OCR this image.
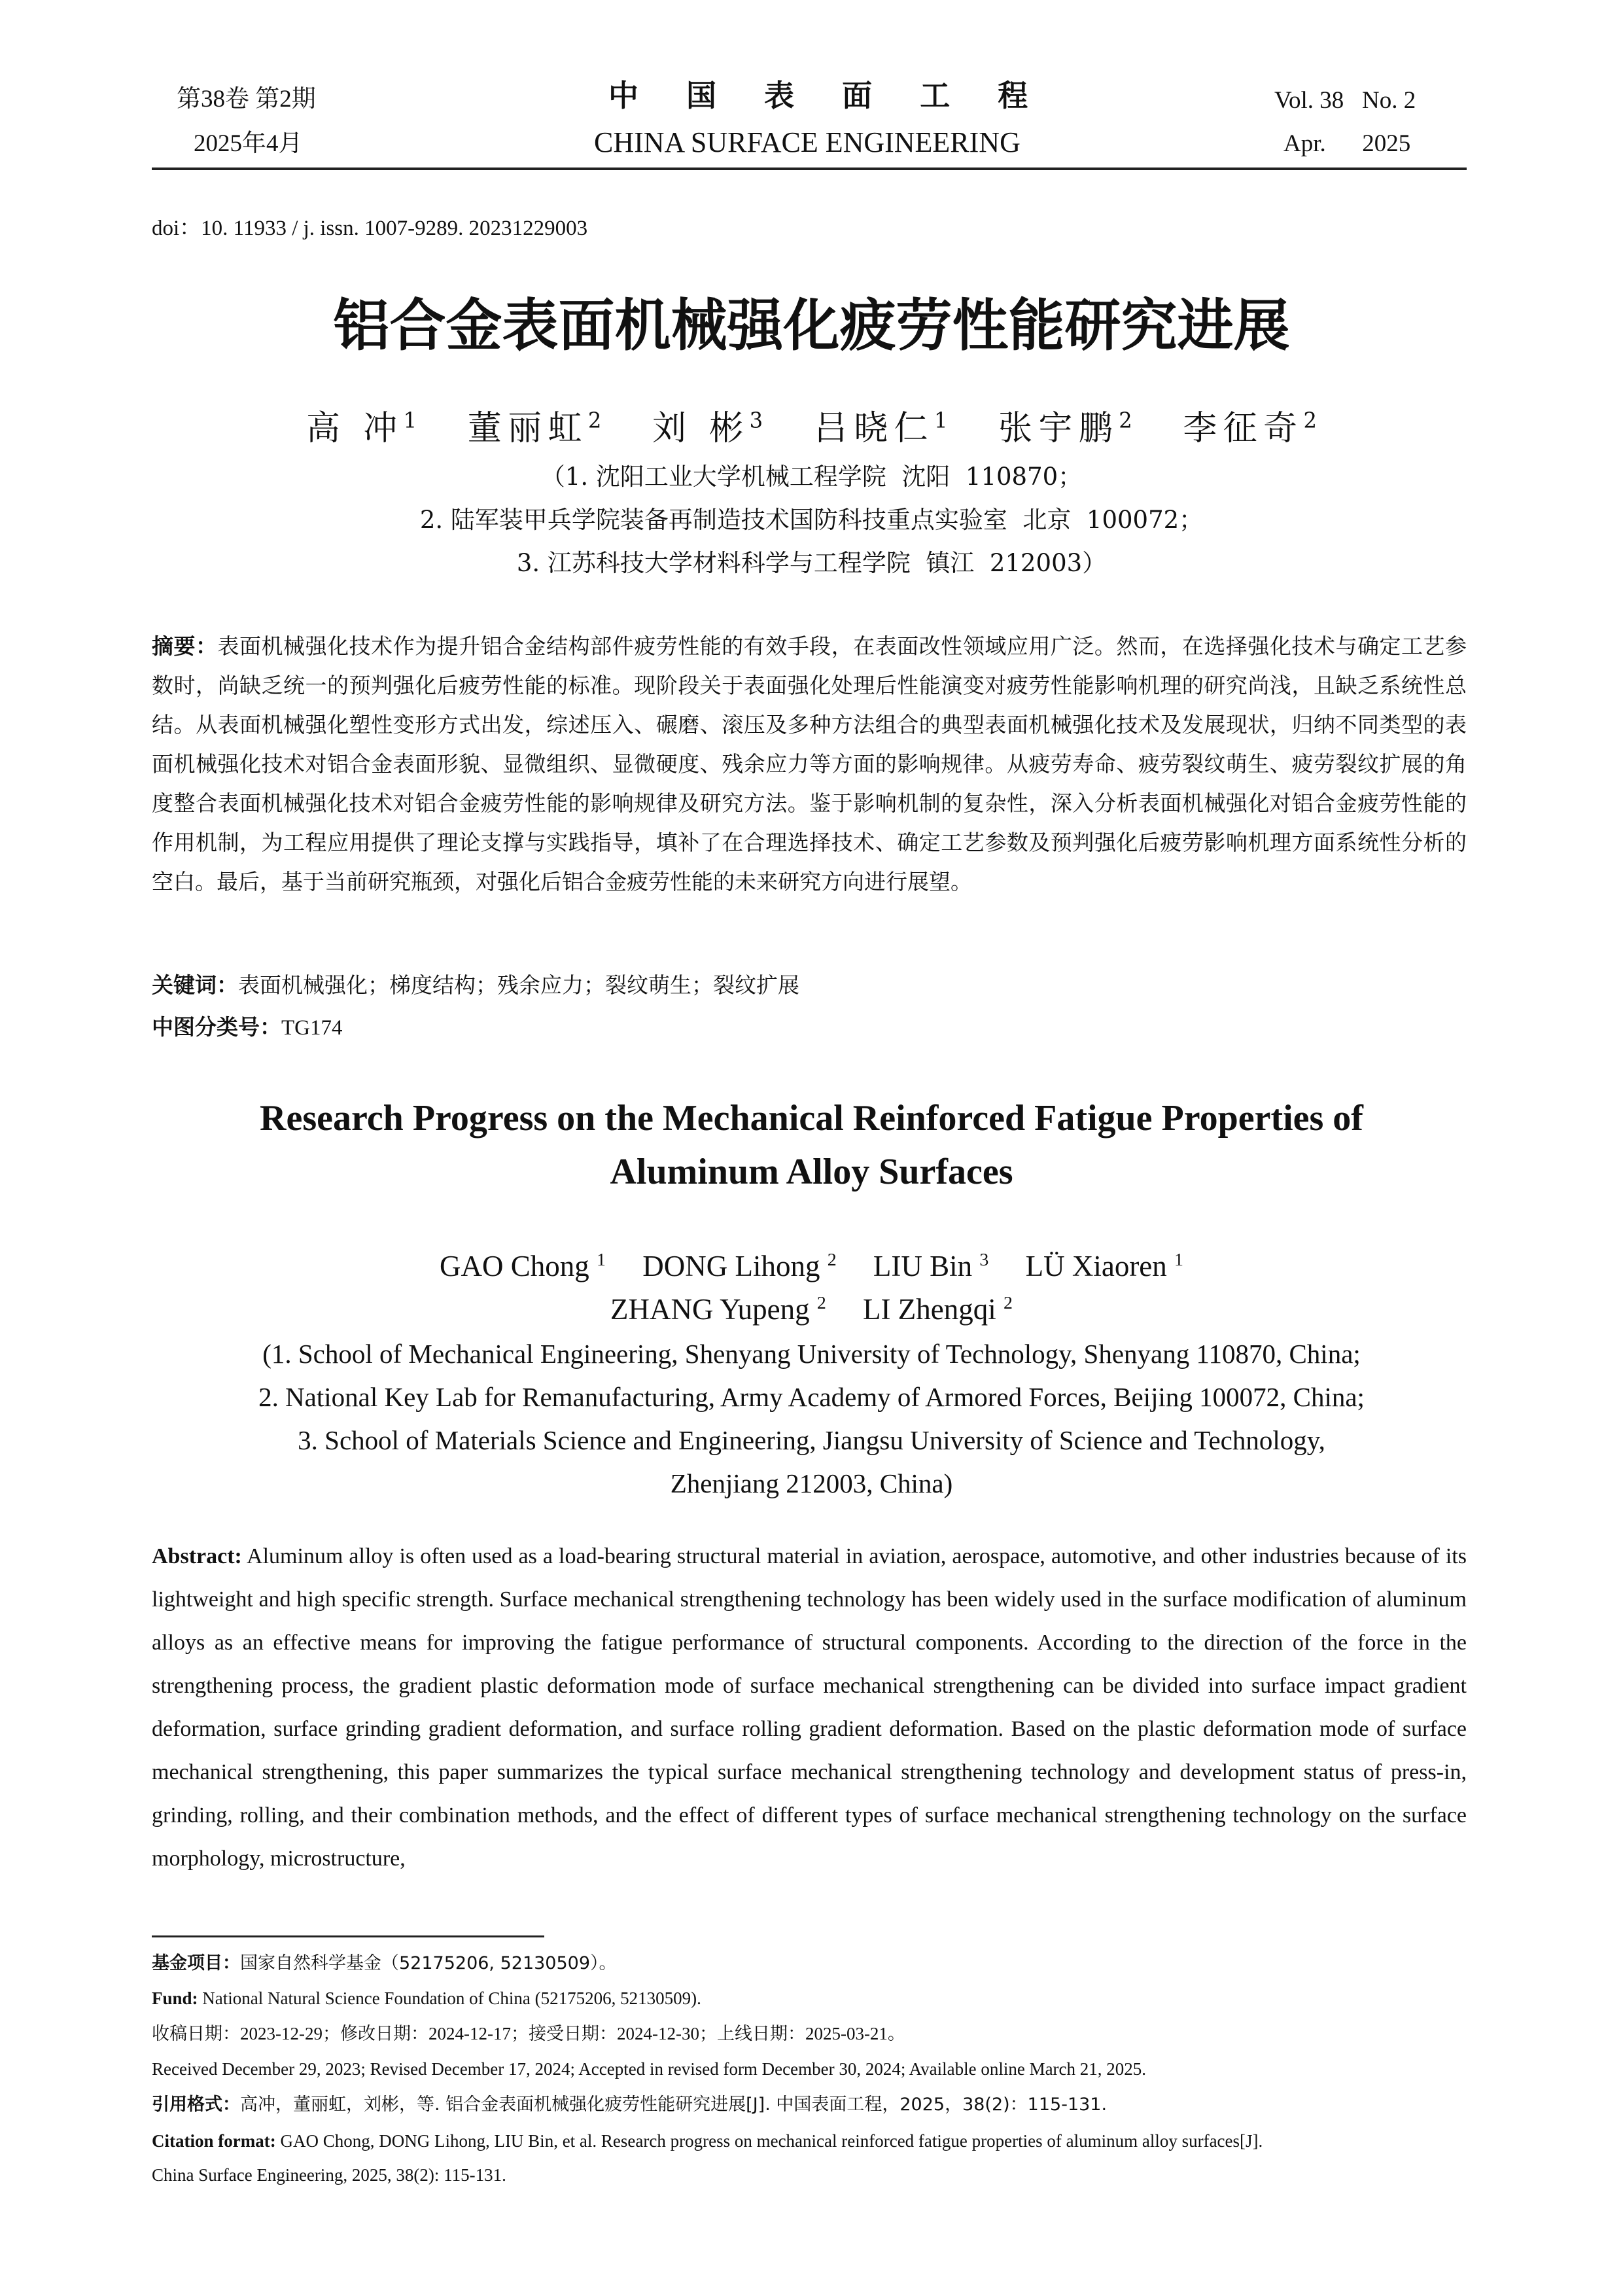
第38卷 第2期
2025年4月
中 国 表 面 工 程
CHINA SURFACE ENGINEERING
Vol. 38   No. 2
Apr.      2025
doi：10. 11933 / j. issn. 1007-9289. 20231229003
铝合金表面机械强化疲劳性能研究进展
高 冲$^1$ 董丽虹$^2$ 刘 彬$^3$ 吕晓仁$^1$ 张宇鹏$^2$ 李征奇$^2$
（1. 沈阳工业大学机械工程学院  沈阳  110870；
2. 陆军装甲兵学院装备再制造技术国防科技重点实验室  北京  100072；
3. 江苏科技大学材料科学与工程学院  镇江  212003）
摘要：表面机械强化技术作为提升铝合金结构部件疲劳性能的有效手段，在表面改性领域应用广泛。然而，在选择强化技术与确定工艺参数时，尚缺乏统一的预判强化后疲劳性能的标准。现阶段关于表面强化处理后性能演变对疲劳性能影响机理的研究尚浅，且缺乏系统性总结。从表面机械强化塑性变形方式出发，综述压入、碾磨、滚压及多种方法组合的典型表面机械强化技术及发展现状，归纳不同类型的表面机械强化技术对铝合金表面形貌、显微组织、显微硬度、残余应力等方面的影响规律。从疲劳寿命、疲劳裂纹萌生、疲劳裂纹扩展的角度整合表面机械强化技术对铝合金疲劳性能的影响规律及研究方法。鉴于影响机制的复杂性，深入分析表面机械强化对铝合金疲劳性能的作用机制，为工程应用提供了理论支撑与实践指导，填补了在合理选择技术、确定工艺参数及预判强化后疲劳影响机理方面系统性分析的空白。最后，基于当前研究瓶颈，对强化后铝合金疲劳性能的未来研究方向进行展望。
关键词：表面机械强化；梯度结构；残余应力；裂纹萌生；裂纹扩展
中图分类号：TG174
Research Progress on the Mechanical Reinforced Fatigue Properties of
Aluminum Alloy Surfaces
GAO Chong $^1$ DONG Lihong $^2$ LIU Bin $^3$ LÜ Xiaoren $^1$
ZHANG Yupeng $^2$ LI Zhengqi $^2$
(1. School of Mechanical Engineering, Shenyang University of Technology, Shenyang 110870, China;
2. National Key Lab for Remanufacturing, Army Academy of Armored Forces, Beijing 100072, China;
3. School of Materials Science and Engineering, Jiangsu University of Science and Technology,
Zhenjiang 212003, China)
Abstract: Aluminum alloy is often used as a load-bearing structural material in aviation, aerospace, automotive, and other industries because of its lightweight and high specific strength. Surface mechanical strengthening technology has been widely used in the surface modification of aluminum alloys as an effective means for improving the fatigue performance of structural components. According to the direction of the force in the strengthening process, the gradient plastic deformation mode of surface mechanical strengthening can be divided into surface impact gradient deformation, surface grinding gradient deformation, and surface rolling gradient deformation. Based on the plastic deformation mode of surface mechanical strengthening, this paper summarizes the typical surface mechanical strengthening technology and development status of press-in, grinding, rolling, and their combination methods, and the effect of different types of surface mechanical strengthening technology on the surface morphology, microstructure,
基金项目：国家自然科学基金（52175206, 52130509）。
Fund: National Natural Science Foundation of China (52175206, 52130509).
收稿日期：2023-12-29；修改日期：2024-12-17；接受日期：2024-12-30；上线日期：2025-03-21。
Received December 29, 2023; Revised December 17, 2024; Accepted in revised form December 30, 2024; Available online March 21, 2025.
引用格式：高冲，董丽虹，刘彬，等. 铝合金表面机械强化疲劳性能研究进展[J]. 中国表面工程，2025，38(2)：115-131.
Citation format: GAO Chong, DONG Lihong, LIU Bin, et al. Research progress on mechanical reinforced fatigue properties of aluminum alloy surfaces[J].
China Surface Engineering, 2025, 38(2): 115-131.
